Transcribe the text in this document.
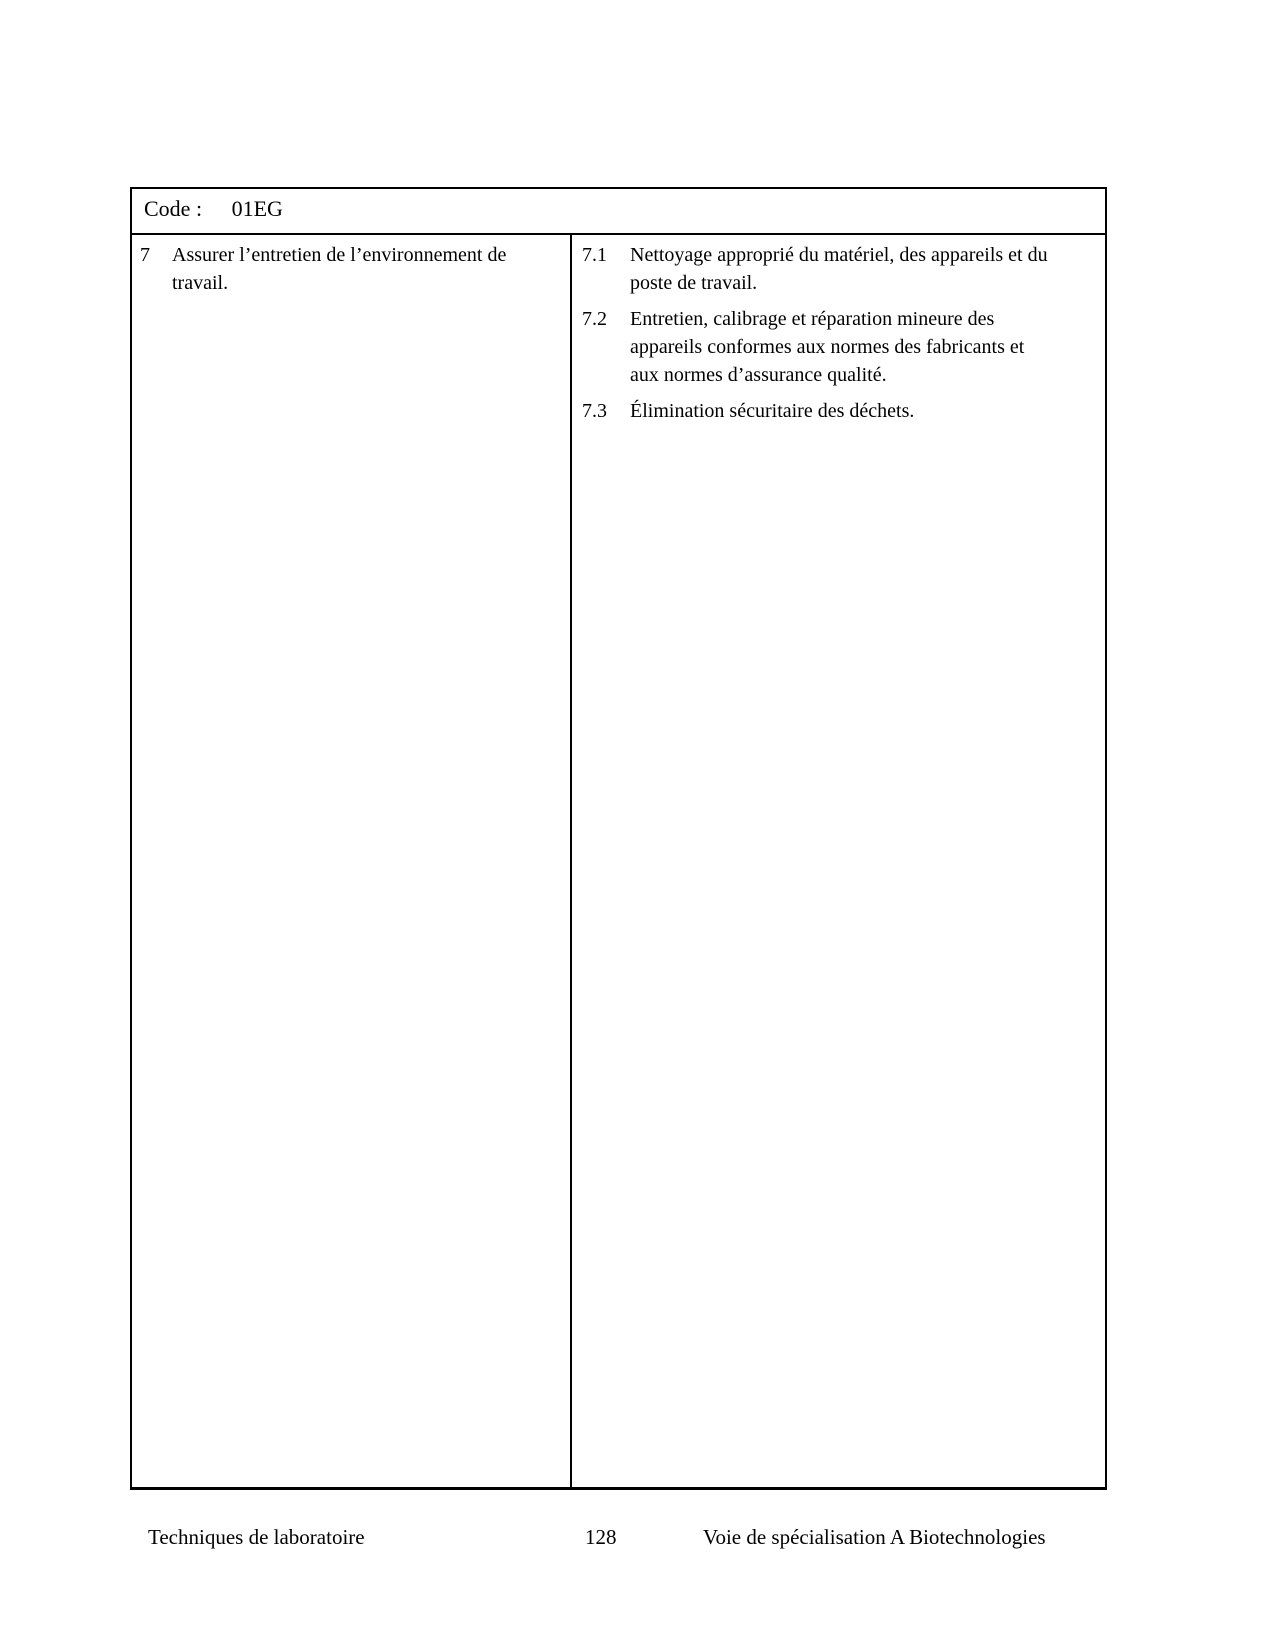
Code : 01EG
7	Assurer l’entretien de l’environnement de travail.
7.1	Nettoyage approprié du matériel, des appareils et du poste de travail.
7.2	Entretien, calibrage et réparation mineure des appareils conformes aux normes des fabricants et aux normes d’assurance qualité.
7.3	Élimination sécuritaire des déchets.
Techniques de laboratoire	128	Voie de spécialisation A Biotechnologies
